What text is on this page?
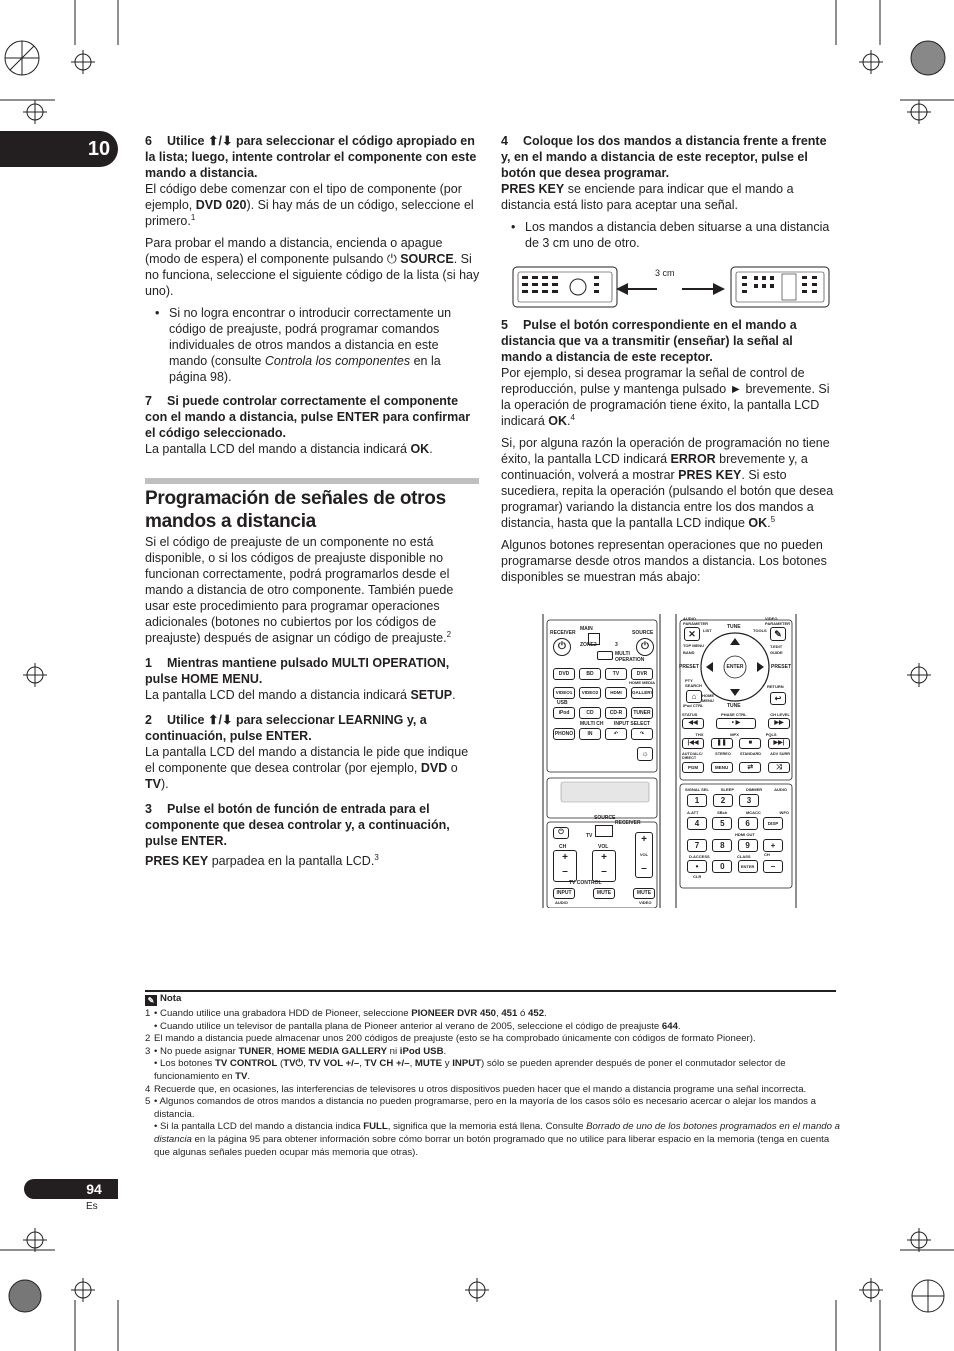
10	6 Utilice ⬆/⬇ para seleccionar el código apropiado en la lista; luego, intente controlar el componente con este mando a distancia.

El código debe comenzar con el tipo de componente (por ejemplo, DVD 020). Si hay más de un código, seleccione el primero.$^1$

Para probar el mando a distancia, encienda o apague (modo de espera) el componente pulsando ⏻ SOURCE. Si no funciona, seleccione el siguiente código de la lista (si hay uno).

• Si no logra encontrar o introducir correctamente un código de preajuste, podrá programar comandos individuales de otros mandos a distancia en este mando (consulte Controla los componentes en la página 98).

7 Si puede controlar correctamente el componente con el mando a distancia, pulse ENTER para confirmar el código seleccionado.

La pantalla LCD del mando a distancia indicará OK.

Programación de señales de otros mandos a distancia

Si el código de preajuste de un componente no está disponible, o si los códigos de preajuste disponible no funcionan correctamente, podrá programarlos desde el mando a distancia de otro componente. También puede usar este procedimiento para programar operaciones adicionales (botones no cubiertos por los códigos de preajuste) después de asignar un código de preajuste.$^2$

1 Mientras mantiene pulsado MULTI OPERATION, pulse HOME MENU.

La pantalla LCD del mando a distancia indicará SETUP.

2 Utilice ⬆/⬇ para seleccionar LEARNING y, a continuación, pulse ENTER.

La pantalla LCD del mando a distancia le pide que indique el componente que desea controlar (por ejemplo, DVD o TV).

3 Pulse el botón de función de entrada para el componente que desea controlar y, a continuación, pulse ENTER.

PRES KEY parpadea en la pantalla LCD.$^3$

4 Coloque los dos mandos a distancia frente a frente y, en el mando a distancia de este receptor, pulse el botón que desea programar.

PRES KEY se enciende para indicar que el mando a distancia está listo para aceptar una señal.

• Los mandos a distancia deben situarse a una distancia de 3 cm uno de otro.
3 cm

5 Pulse el botón correspondiente en el mando a distancia que va a transmitir (enseñar) la señal al mando a distancia de este receptor.

Por ejemplo, si desea programar la señal de control de reproducción, pulse y mantenga pulsado ► brevemente. Si la operación de programación tiene éxito, la pantalla LCD indicará OK.$^4$

Si, por alguna razón la operación de programación no tiene éxito, la pantalla LCD indicará ERROR brevemente y, a continuación, volverá a mostrar PRES KEY. Si esto sucediera, repita la operación (pulsando el botón que desea programar) variando la distancia entre los dos mandos a distancia, hasta que la pantalla LCD indique OK.$^5$

Algunos botones representan operaciones que no pueden programarse desde otros mandos a distancia. Los botones disponibles se muestran más abajo:

RECEIVER
⏻
MAIN
ZONE2	3
SOURCE
⏻
MULTI OPERATION
DVD	BD	TV	DVR
HOME MEDIA
VIDEO1	VIDEO2	HDMI	GALLERY
USB
iPod	CD	CD-R	TUNER
MULTI CH INPUT SELECT
PHONO	IN	↶	↷
☼
⏻	TV
SOURCE
RECEIVER
CH	VOL
+
–
+
–
+
VOL
–
TV CONTROL
INPUT	MUTE	MUTE
AUDIO	VIDEO
AUDIO PARAMETER
✕	LIST
TUNE
TOOLS
VIDEO PARAMETER
✎
TOP MENU
BAND
T.EDIT
GUIDE
PRESET	PRESET
ENTER
PTY SEARCH
⌂
iPod CTRL
HOME MENU
RETURN
↩
TUNE
STATUS	PHASE CTRL	CH LEVEL
◀◀	• ▶	▶▶
THX	MPX	PQLS
|◀◀	❚❚	■	▶▶|
AUTO/ALC/ DIRECT
STEREO STANDARD ADV SURR
PGM	MENU	⇄	⤨
SIGNAL SEL	SLEEP	DIMMER	AUDIO
1	2	3
A.ATT	SBch	MCACC	INFO
4	5	6	DISP
HDMI OUT
7	8	9	+
D.ACCESS	CLASS	CH
•	0	ENTER	–
CLR
✎ Nota
1 • Cuando utilice una grabadora HDD de Pioneer, seleccione PIONEER DVR 450, 451 ó 452.
• Cuando utilice un televisor de pantalla plana de Pioneer anterior al verano de 2005, seleccione el código de preajuste 644.
2 El mando a distancia puede almacenar unos 200 códigos de preajuste (esto se ha comprobado únicamente con códigos de formato Pioneer).
3 • No puede asignar TUNER, HOME MEDIA GALLERY ni iPod USB.
• Los botones TV CONTROL (TV⏻, TV VOL +/–, TV CH +/–, MUTE y INPUT) sólo se pueden aprender después de poner el conmutador selector de funcionamiento en TV.
4 Recuerde que, en ocasiones, las interferencias de televisores u otros dispositivos pueden hacer que el mando a distancia programe una señal incorrecta.
5 • Algunos comandos de otros mandos a distancia no pueden programarse, pero en la mayoría de los casos sólo es necesario acercar o alejar los mandos a distancia.
• Si la pantalla LCD del mando a distancia indica FULL, significa que la memoria está llena. Consulte Borrado de uno de los botones programados en el mando a distancia en la página 95 para obtener información sobre cómo borrar un botón programado que no utilice para liberar espacio en la memoria (tenga en cuenta que algunas señales pueden ocupar más memoria que otras).
94
Es
